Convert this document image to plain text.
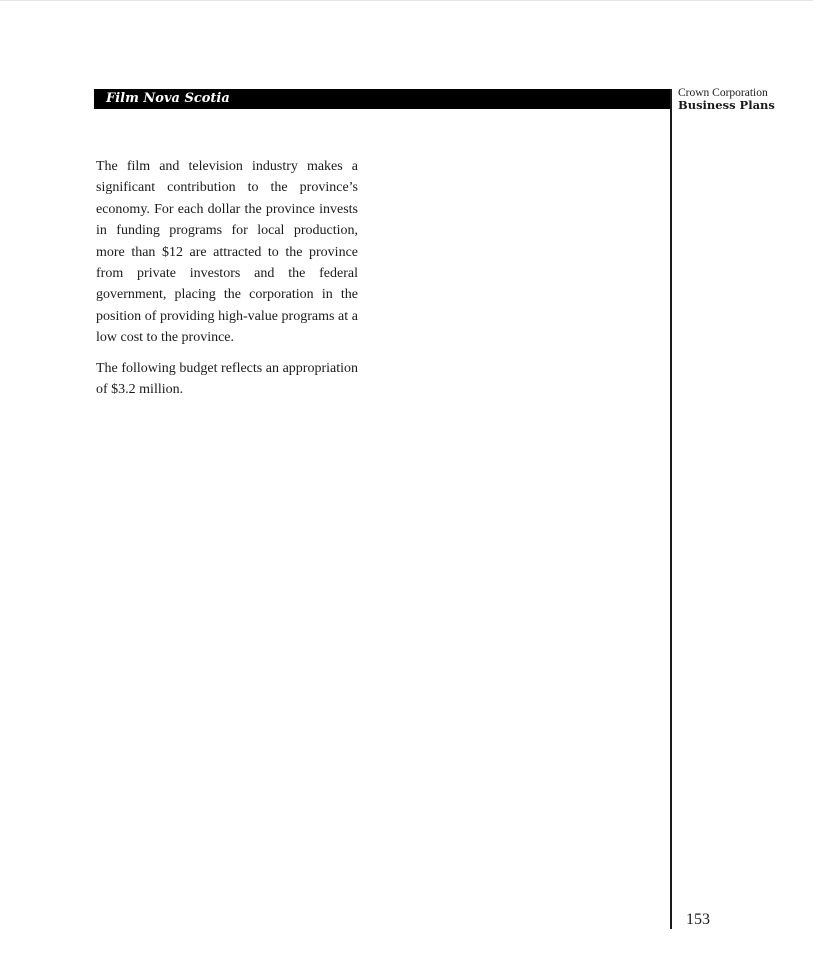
Film Nova Scotia	Crown Corporation
Business Plans

The film and television industry makes a significant contribution to the province’s economy. For each dollar the province invests in funding programs for local production, more than $12 are attracted to the province from private investors and the federal government, placing the corporation in the position of providing high-value programs at a low cost to the province.

The following budget reflects an appropriation of $3.2 million.

153
